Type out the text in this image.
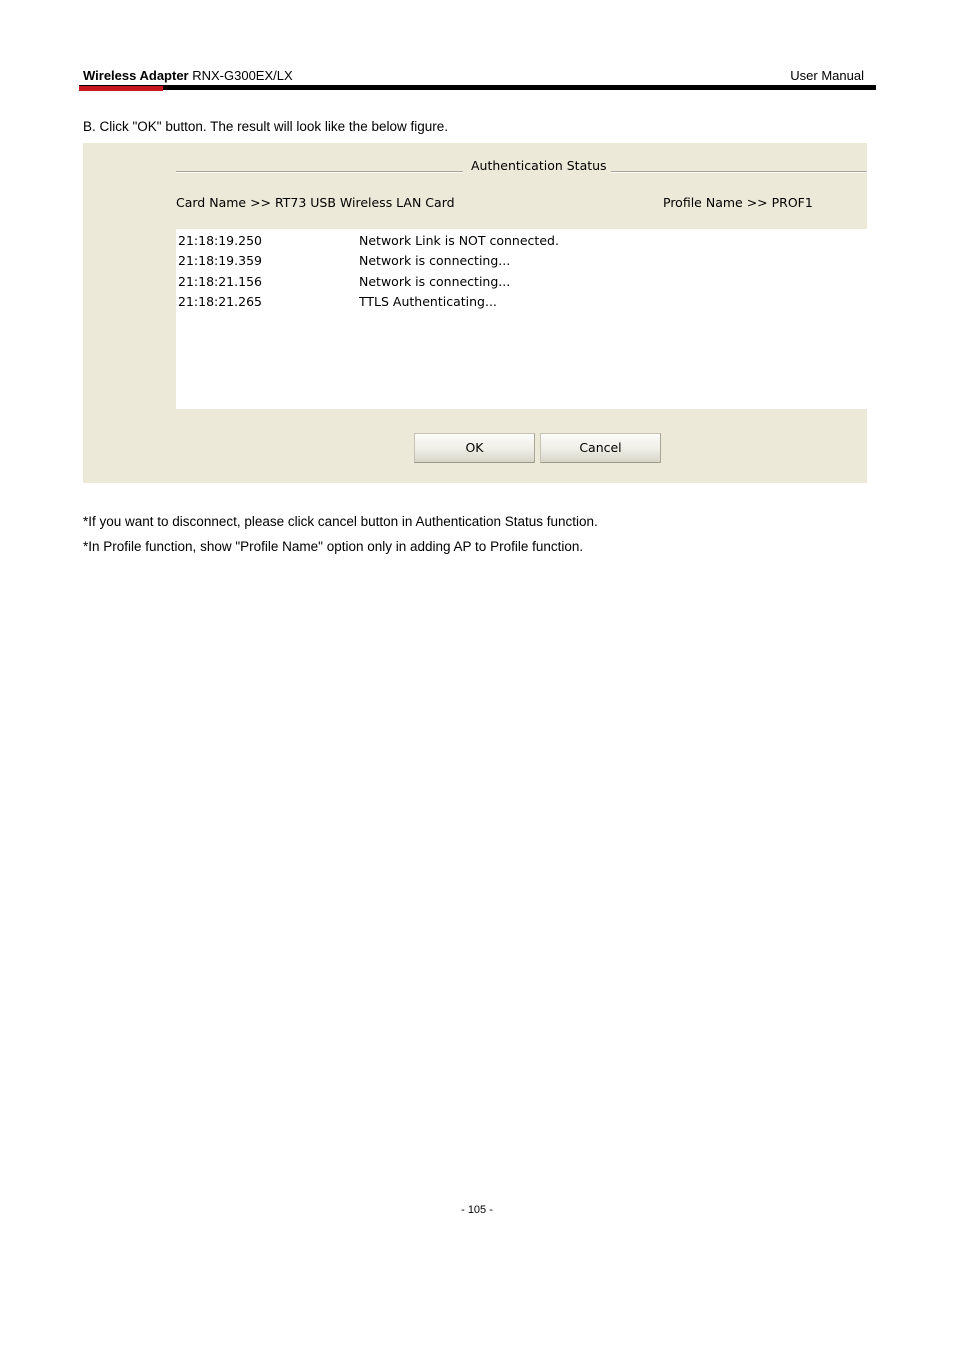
Wireless Adapter RNX-G300EX/LX	User Manual
B. Click "OK" button. The result will look like the below figure.
Authentication Status
Card Name >> RT73 USB Wireless LAN Card	Profile Name >> PROF1
21:18:19.250	Network Link is NOT connected.
21:18:19.359	Network is connecting...
21:18:21.156	Network is connecting...
21:18:21.265	TTLS Authenticating...
OK	Cancel
*If you want to disconnect, please click cancel button in Authentication Status function.
*In Profile function, show "Profile Name" option only in adding AP to Profile function.
- 105 -
